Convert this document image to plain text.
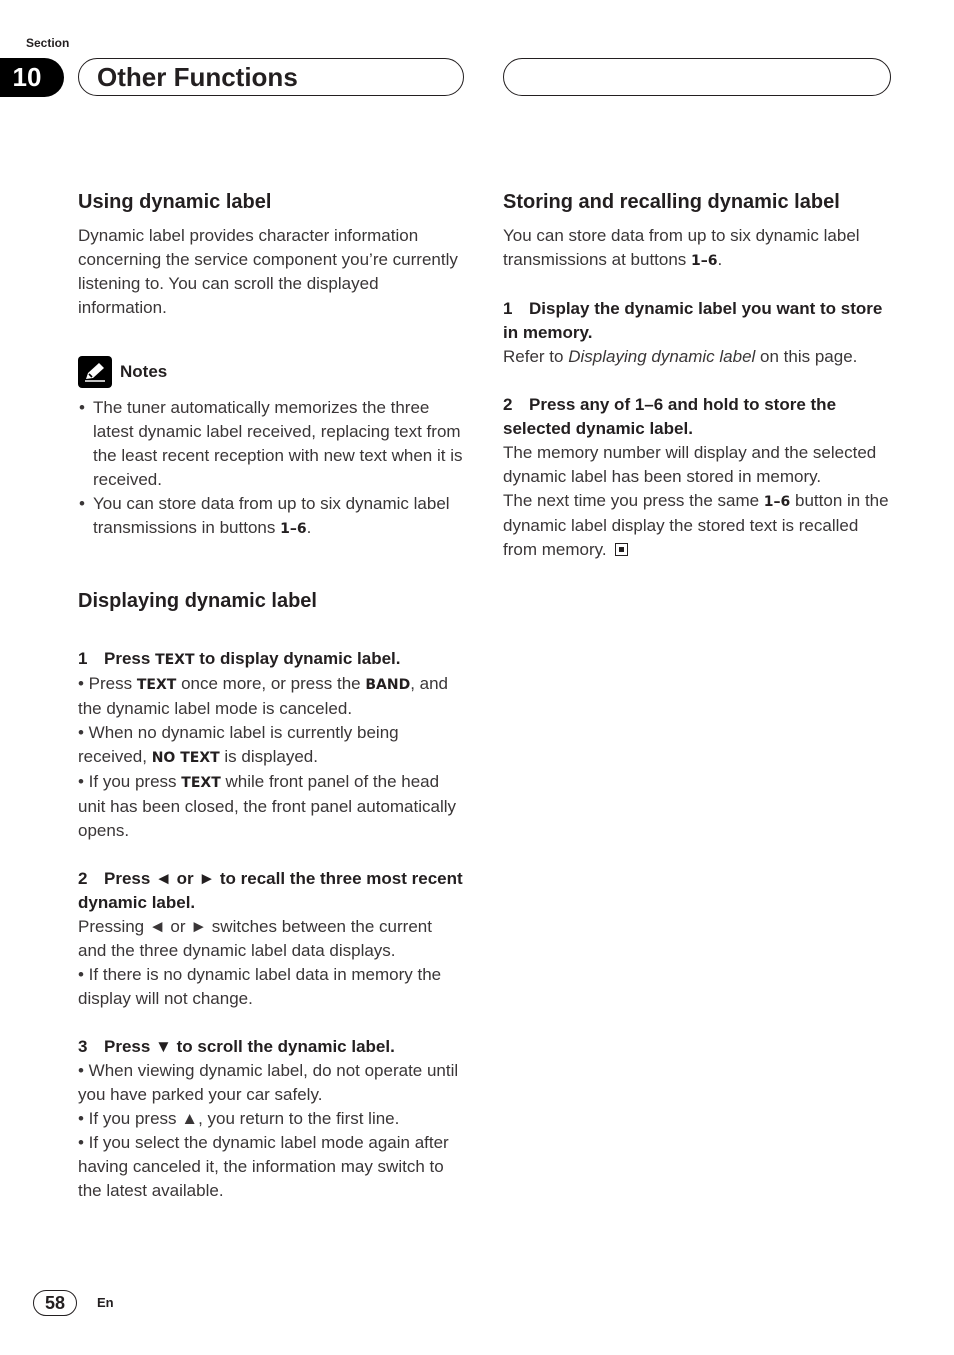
Section
10	Other Functions
Using dynamic label

Dynamic label provides character information concerning the service component you’re currently listening to. You can scroll the displayed information.

Notes
• The tuner automatically memorizes the three latest dynamic label received, replacing text from the least recent reception with new text when it is received.
• You can store data from up to six dynamic label transmissions in buttons 1–6.
Displaying dynamic label

1 Press TEXT to display dynamic label.

• Press TEXT once more, or press the BAND, and the dynamic label mode is canceled.

• When no dynamic label is currently being received, NO TEXT is displayed.

• If you press TEXT while front panel of the head unit has been closed, the front panel automatically opens.

2 Press ◄ or ► to recall the three most recent dynamic label.

Pressing ◄ or ► switches between the current and the three dynamic label data displays.

• If there is no dynamic label data in memory the display will not change.

3 Press ▼ to scroll the dynamic label.

• When viewing dynamic label, do not operate until you have parked your car safely.

• If you press ▲, you return to the first line.

• If you select the dynamic label mode again after having canceled it, the information may switch to the latest available.

Storing and recalling dynamic label

You can store data from up to six dynamic label transmissions at buttons 1–6.

1 Display the dynamic label you want to store in memory.

Refer to Displaying dynamic label on this page.

2 Press any of 1–6 and hold to store the selected dynamic label.

The memory number will display and the selected dynamic label has been stored in memory.

The next time you press the same 1–6 button in the dynamic label display the stored text is recalled from memory.

58	En
